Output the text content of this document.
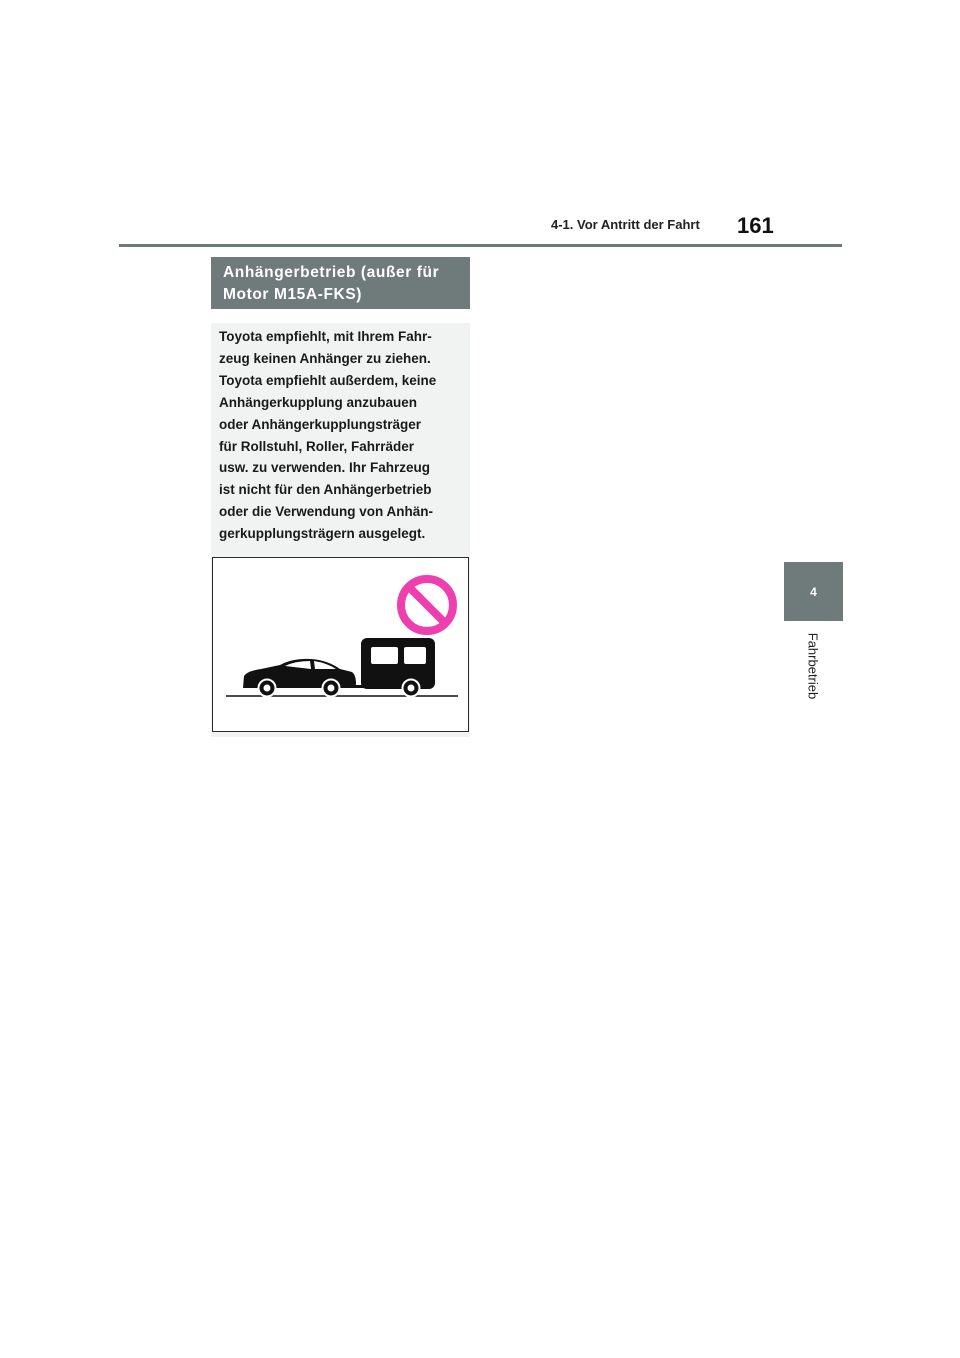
4-1. Vor Antritt der Fahrt 161
4
Fahrbetrieb
Anhängerbetrieb (außer für
Motor M15A-FKS)
Toyota empfiehlt, mit Ihrem Fahr-
zeug keinen Anhänger zu ziehen.
Toyota empfiehlt außerdem, keine
Anhängerkupplung anzubauen
oder Anhängerkupplungsträger
für Rollstuhl, Roller, Fahrräder
usw. zu verwenden. Ihr Fahrzeug
ist nicht für den Anhängerbetrieb
oder die Verwendung von Anhän-
gerkupplungsträgern ausgelegt.
